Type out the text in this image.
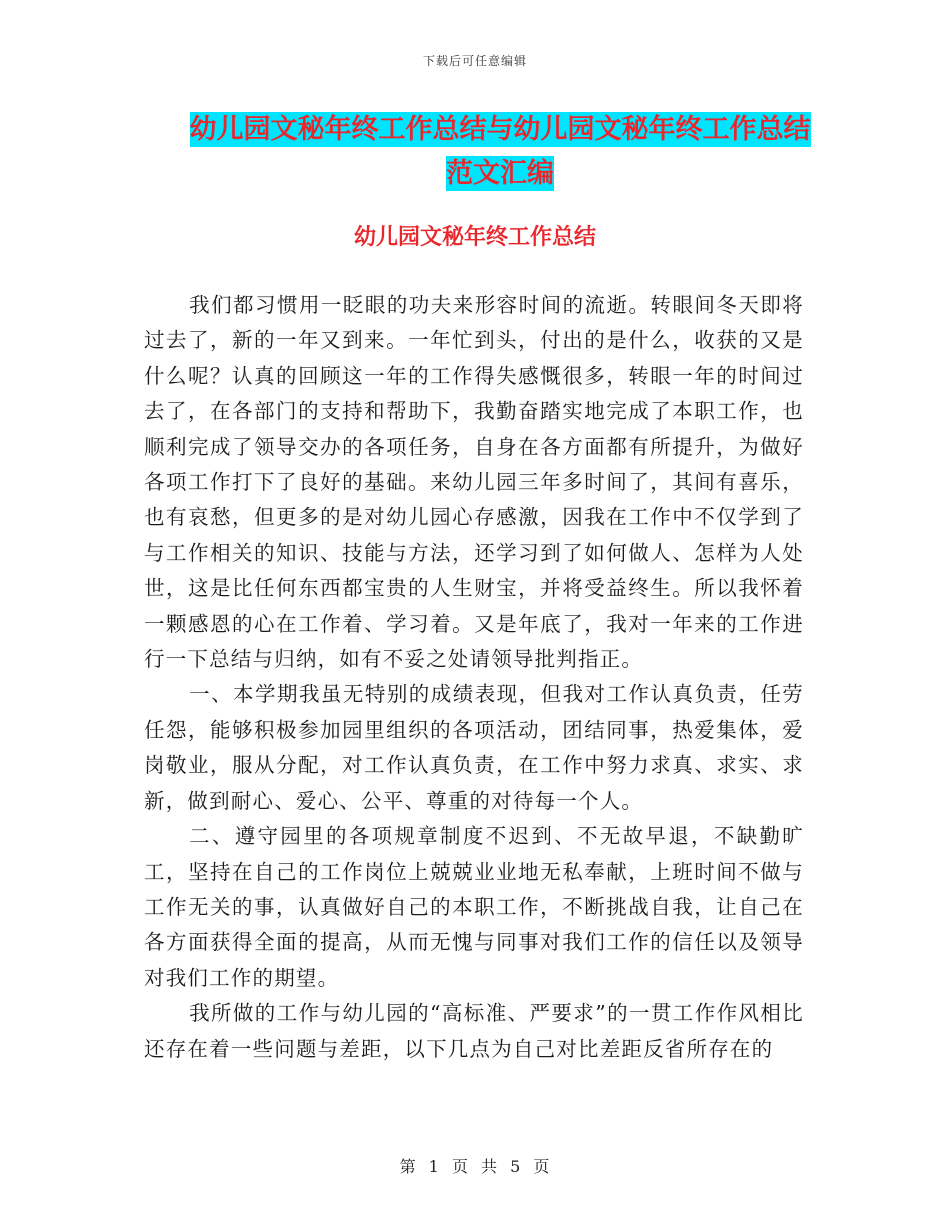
下载后可任意编辑
幼儿园文秘年终工作总结与幼儿园文秘年终工作总结
范文汇编
幼儿园文秘年终工作总结

我们都习惯用一眨眼的功夫来形容时间的流逝。转眼间冬天即将过去了，新的一年又到来。一年忙到头，付出的是什么，收获的又是什么呢？认真的回顾这一年的工作得失感慨很多，转眼一年的时间过去了，在各部门的支持和帮助下，我勤奋踏实地完成了本职工作，也顺利完成了领导交办的各项任务，自身在各方面都有所提升，为做好各项工作打下了良好的基础。来幼儿园三年多时间了，其间有喜乐，也有哀愁，但更多的是对幼儿园心存感激，因我在工作中不仅学到了与工作相关的知识、技能与方法，还学习到了如何做人、怎样为人处世，这是比任何东西都宝贵的人生财宝，并将受益终生。所以我怀着一颗感恩的心在工作着、学习着。又是年底了，我对一年来的工作进行一下总结与归纳，如有不妥之处请领导批判指正。

一、本学期我虽无特别的成绩表现，但我对工作认真负责，任劳任怨，能够积极参加园里组织的各项活动，团结同事，热爱集体，爱岗敬业，服从分配，对工作认真负责，在工作中努力求真、求实、求新，做到耐心、爱心、公平、尊重的对待每一个人。

二、遵守园里的各项规章制度不迟到、不无故早退，不缺勤旷工，坚持在自己的工作岗位上兢兢业业地无私奉献，上班时间不做与工作无关的事，认真做好自己的本职工作，不断挑战自我，让自己在各方面获得全面的提高，从而无愧与同事对我们工作的信任以及领导对我们工作的期望。

我所做的工作与幼儿园的“高标准、严要求”的一贯工作作风相比还存在着一些问题与差距，以下几点为自己对比差距反省所存在的

第 1 页 共 5 页
